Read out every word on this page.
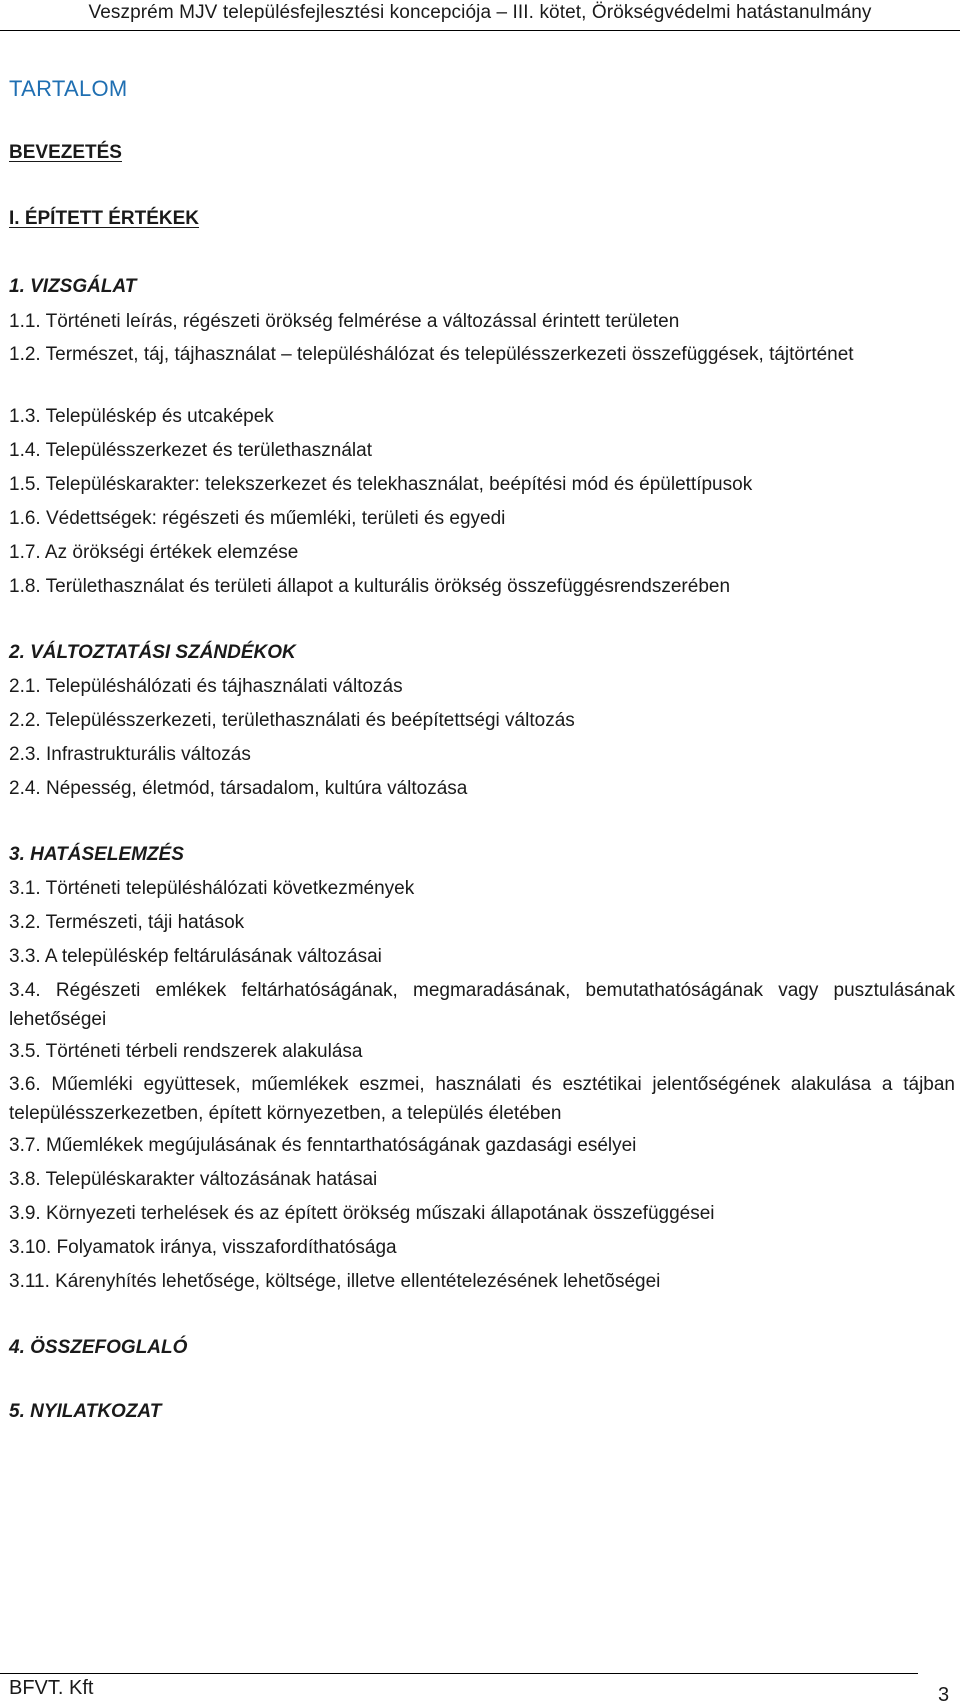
Veszprém MJV településfejlesztési koncepciója – III. kötet, Örökségvédelmi hatástanulmány
TARTALOM
BEVEZETÉS
I. ÉPÍTETT ÉRTÉKEK
1. VIZSGÁLAT
1.1. Történeti leírás, régészeti örökség felmérése a változással érintett területen
1.2. Természet, táj, tájhasználat – településhálózat és településszerkezeti összefüggések, tájtörténet
1.3. Településkép és utcaképek
1.4. Településszerkezet és területhasználat
1.5. Településkarakter: telekszerkezet és telekhasználat, beépítési mód és épülettípusok
1.6. Védettségek: régészeti és műemléki, területi és egyedi
1.7. Az örökségi értékek elemzése
1.8. Területhasználat és területi állapot a kulturális örökség összefüggésrendszerében
2. VÁLTOZTATÁSI SZÁNDÉKOK
2.1. Településhálózati és tájhasználati változás
2.2. Településszerkezeti, területhasználati és beépítettségi változás
2.3. Infrastrukturális változás
2.4. Népesség, életmód, társadalom, kultúra változása
3. HATÁSELEMZÉS
3.1. Történeti településhálózati következmények
3.2. Természeti, táji hatások
3.3. A településkép feltárulásának változásai
3.4. Régészeti emlékek feltárhatóságának, megmaradásának, bemutathatóságának vagy pusztulásának lehetőségei
3.5. Történeti térbeli rendszerek alakulása
3.6. Műemléki együttesek, műemlékek eszmei, használati és esztétikai jelentőségének alakulása a tájban településszerkezetben, épített környezetben, a település életében
3.7. Műemlékek megújulásának és fenntarthatóságának gazdasági esélyei
3.8. Településkarakter változásának hatásai
3.9. Környezeti terhelések és az épített örökség műszaki állapotának összefüggései
3.10. Folyamatok iránya, visszafordíthatósága
3.11. Kárenyhítés lehetősége, költsége, illetve ellentételezésének lehetõségei
4. ÖSSZEFOGLALÓ
5. NYILATKOZAT
BFVT. Kft	3
